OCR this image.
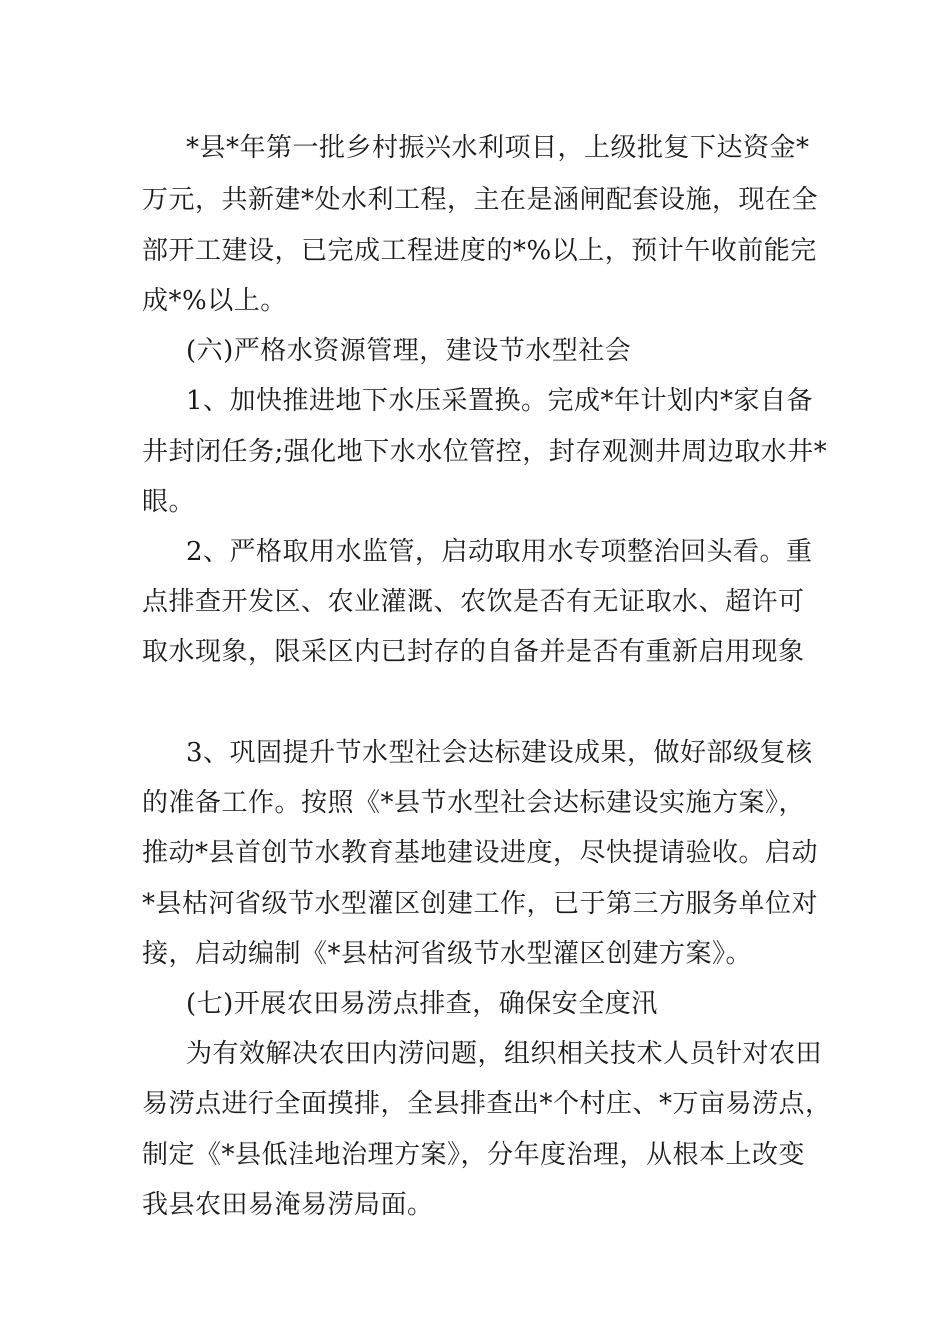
*县*年第一批乡村振兴水利项目，上级批复下达资金*
万元，共新建*处水利工程，主在是涵闸配套设施，现在全
部开工建设，已完成工程进度的*%以上，预计午收前能完
成*%以上。
(六)严格水资源管理，建设节水型社会
1、加快推进地下水压采置换。完成*年计划内*家自备
井封闭任务;强化地下水水位管控，封存观测井周边取水井*
眼。
2、严格取用水监管，启动取用水专项整治回头看。重
点排查开发区、农业灌溉、农饮是否有无证取水、超许可
取水现象，限采区内已封存的自备并是否有重新启用现象
3、巩固提升节水型社会达标建设成果，做好部级复核
的准备工作。按照《*县节水型社会达标建设实施方案》，
推动*县首创节水教育基地建设进度，尽快提请验收。启动
*县枯河省级节水型灌区创建工作，已于第三方服务单位对
接，启动编制《*县枯河省级节水型灌区创建方案》。
(七)开展农田易涝点排查，确保安全度汛
为有效解决农田内涝问题，组织相关技术人员针对农田
易涝点进行全面摸排，全县排查出*个村庄、*万亩易涝点，
制定《*县低洼地治理方案》，分年度治理，从根本上改变
我县农田易淹易涝局面。
